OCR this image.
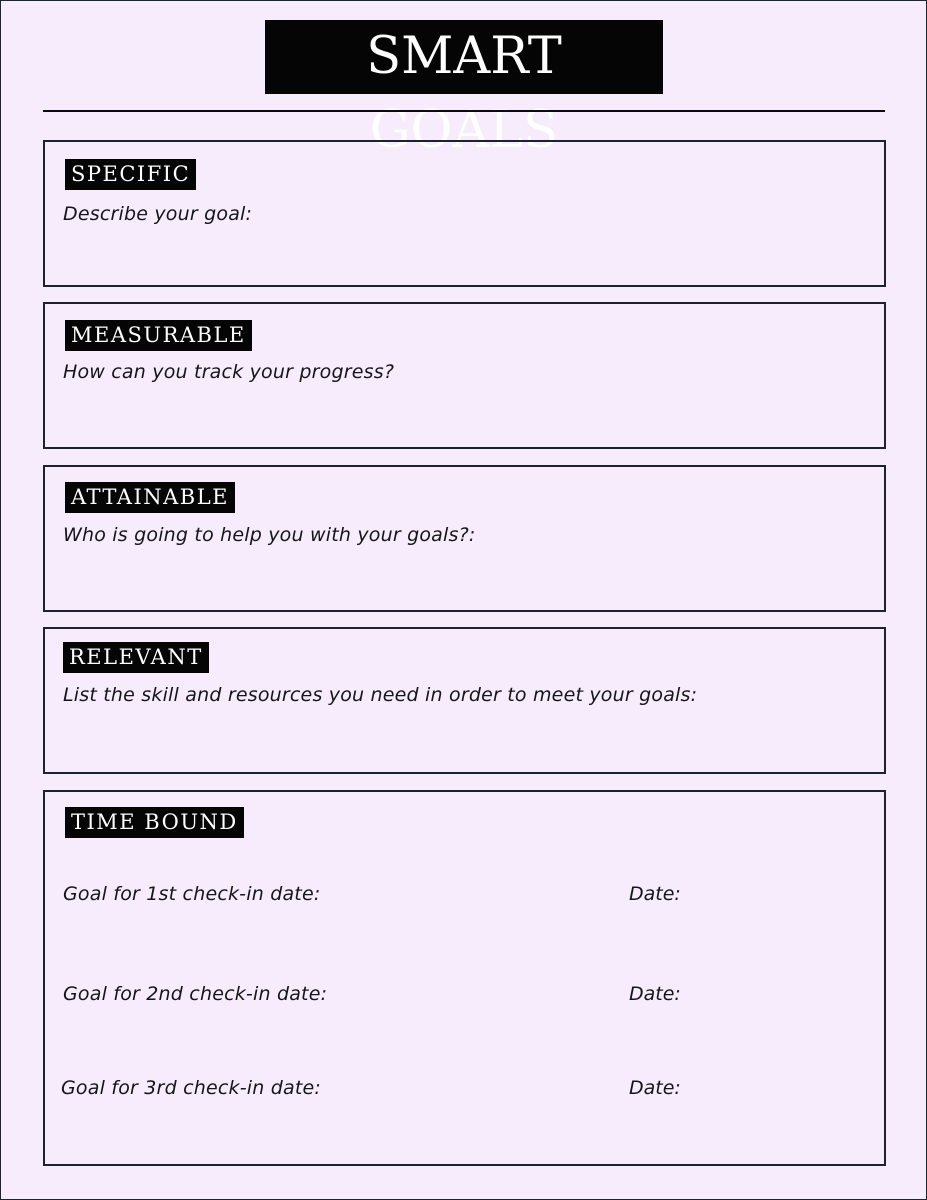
SMART GOALS
SPECIFIC
Describe your goal:
MEASURABLE
How can you track your progress?
ATTAINABLE
Who is going to help you with your goals?:
RELEVANT
List the skill and resources you need in order to meet your goals:
TIME BOUND
Goal for 1st check-in date:	Date:
Goal for 2nd check-in date:	Date:
Goal for 3rd check-in date:	Date:
